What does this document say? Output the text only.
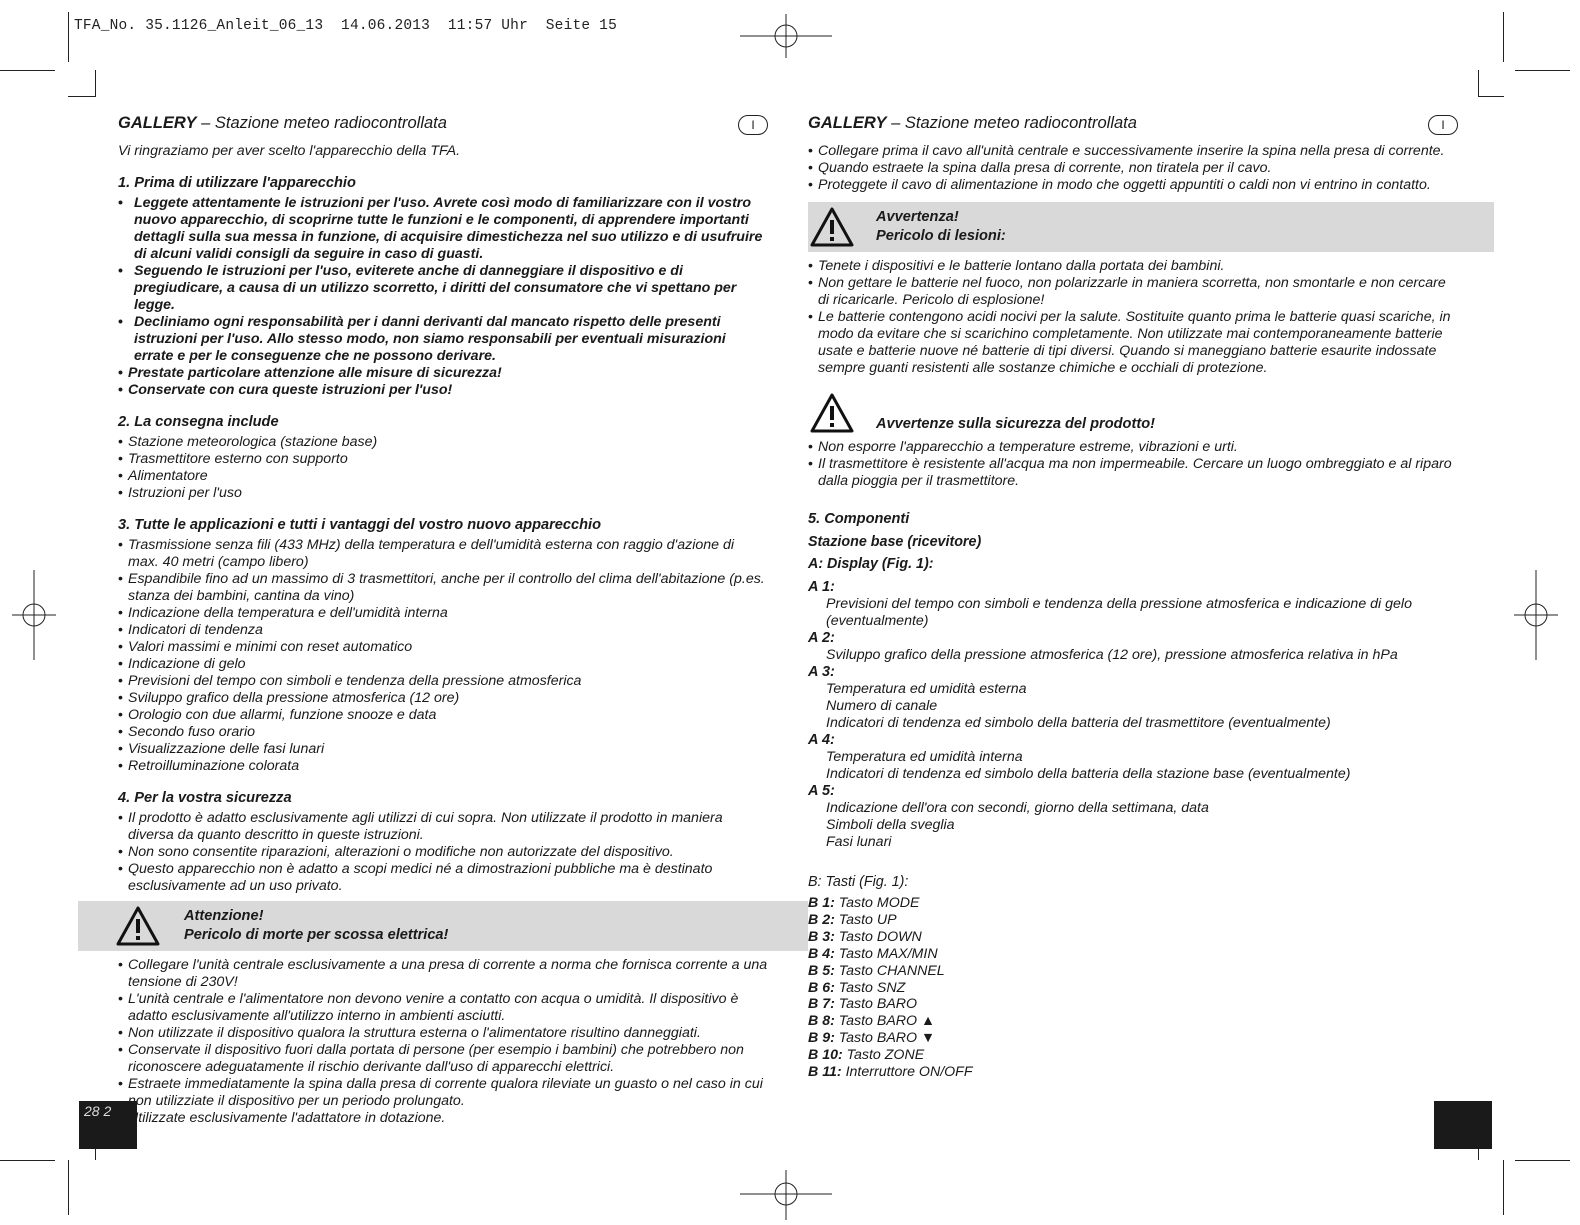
TFA_No. 35.1126_Anleit_06_13  14.06.2013  11:57 Uhr  Seite 15
28 2
GALLERY – Stazione meteo radiocontrollata	I

Vi ringraziamo per aver scelto l'apparecchio della TFA.

1. Prima di utilizzare l'apparecchio
• Leggete attentamente le istruzioni per l'uso. Avrete così modo di familiarizzare con il vostro nuovo apparecchio, di scoprirne tutte le funzioni e le componenti, di apprendere importanti dettagli sulla sua messa in funzione, di acquisire dimestichezza nel suo utilizzo e di usufruire di alcuni validi consigli da seguire in caso di guasti.
• Seguendo le istruzioni per l'uso, eviterete anche di danneggiare il dispositivo e di pregiudicare, a causa di un utilizzo scorretto, i diritti del consumatore che vi spettano per legge.
• Decliniamo ogni responsabilità per i danni derivanti dal mancato rispetto delle presenti istruzioni per l'uso. Allo stesso modo, non siamo responsabili per eventuali misurazioni errate e per le conseguenze che ne possono derivare.
• Prestate particolare attenzione alle misure di sicurezza!
• Conservate con cura queste istruzioni per l'uso!
2. La consegna include
• Stazione meteorologica (stazione base)
• Trasmettitore esterno con supporto
• Alimentatore
• Istruzioni per l'uso
3. Tutte le applicazioni e tutti i vantaggi del vostro nuovo apparecchio
• Trasmissione senza fili (433 MHz) della temperatura e dell'umidità esterna con raggio d'azione di max. 40 metri (campo libero)
• Espandibile fino ad un massimo di 3 trasmettitori, anche per il controllo del clima dell'abitazione (p.es. stanza dei bambini, cantina da vino)
• Indicazione della temperatura e dell'umidità interna
• Indicatori di tendenza
• Valori massimi e minimi con reset automatico
• Indicazione di gelo
• Previsioni del tempo con simboli e tendenza della pressione atmosferica
• Sviluppo grafico della pressione atmosferica (12 ore)
• Orologio con due allarmi, funzione snooze e data
• Secondo fuso orario
• Visualizzazione delle fasi lunari
• Retroilluminazione colorata
4. Per la vostra sicurezza
• Il prodotto è adatto esclusivamente agli utilizzi di cui sopra. Non utilizzate il prodotto in maniera diversa da quanto descritto in queste istruzioni.
• Non sono consentite riparazioni, alterazioni o modifiche non autorizzate del dispositivo.
• Questo apparecchio non è adatto a scopi medici né a dimostrazioni pubbliche ma è destinato esclusivamente ad un uso privato.
Attenzione!
Pericolo di morte per scossa elettrica!
• Collegare l'unità centrale esclusivamente a una presa di corrente a norma che fornisca corrente a una tensione di 230V!
• L'unità centrale e l'alimentatore non devono venire a contatto con acqua o umidità. Il dispositivo è adatto esclusivamente all'utilizzo interno in ambienti asciutti.
• Non utilizzate il dispositivo qualora la struttura esterna o l'alimentatore risultino danneggiati.
• Conservate il dispositivo fuori dalla portata di persone (per esempio i bambini) che potrebbero non riconoscere adeguatamente il rischio derivante dall'uso di apparecchi elettrici.
• Estraete immediatamente la spina dalla presa di corrente qualora rileviate un guasto o nel caso in cui non utilizziate il dispositivo per un periodo prolungato.
• Utilizzate esclusivamente l'adattatore in dotazione.
GALLERY – Stazione meteo radiocontrollata	I
• Collegare prima il cavo all'unità centrale e successivamente inserire la spina nella presa di corrente.
• Quando estraete la spina dalla presa di corrente, non tiratela per il cavo.
• Proteggete il cavo di alimentazione in modo che oggetti appuntiti o caldi non vi entrino in contatto.
Avvertenza!
Pericolo di lesioni:
• Tenete i dispositivi e le batterie lontano dalla portata dei bambini.
• Non gettare le batterie nel fuoco, non polarizzarle in maniera scorretta, non smontarle e non cercare di ricaricarle. Pericolo di esplosione!
• Le batterie contengono acidi nocivi per la salute. Sostituite quanto prima le batterie quasi scariche, in modo da evitare che si scarichino completamente. Non utilizzate mai contemporaneamente batterie usate e batterie nuove né batterie di tipi diversi. Quando si maneggiano batterie esaurite indossate sempre guanti resistenti alle sostanze chimiche e occhiali di protezione.
Avvertenze sulla sicurezza del prodotto!
• Non esporre l'apparecchio a temperature estreme, vibrazioni e urti.
• Il trasmettitore è resistente all'acqua ma non impermeabile. Cercare un luogo ombreggiato e al riparo dalla pioggia per il trasmettitore.
5. Componenti
Stazione base (ricevitore)
A: Display (Fig. 1):
A 1:
Previsioni del tempo con simboli e tendenza della pressione atmosferica e indicazione di gelo (eventualmente)
A 2:
Sviluppo grafico della pressione atmosferica (12 ore), pressione atmosferica relativa in hPa
A 3:
Temperatura ed umidità esterna
Numero di canale
Indicatori di tendenza ed simbolo della batteria del trasmettitore (eventualmente)
A 4:
Temperatura ed umidità interna
Indicatori di tendenza ed simbolo della batteria della stazione base (eventualmente)
A 5:
Indicazione dell'ora con secondi, giorno della settimana, data
Simboli della sveglia
Fasi lunari
B: Tasti (Fig. 1):
B 1: Tasto MODE
B 2: Tasto UP
B 3: Tasto DOWN
B 4: Tasto MAX/MIN
B 5: Tasto CHANNEL
B 6: Tasto SNZ
B 7: Tasto BARO
B 8: Tasto BARO ▲
B 9: Tasto BARO ▼
B 10: Tasto ZONE
B 11: Interruttore ON/OFF
